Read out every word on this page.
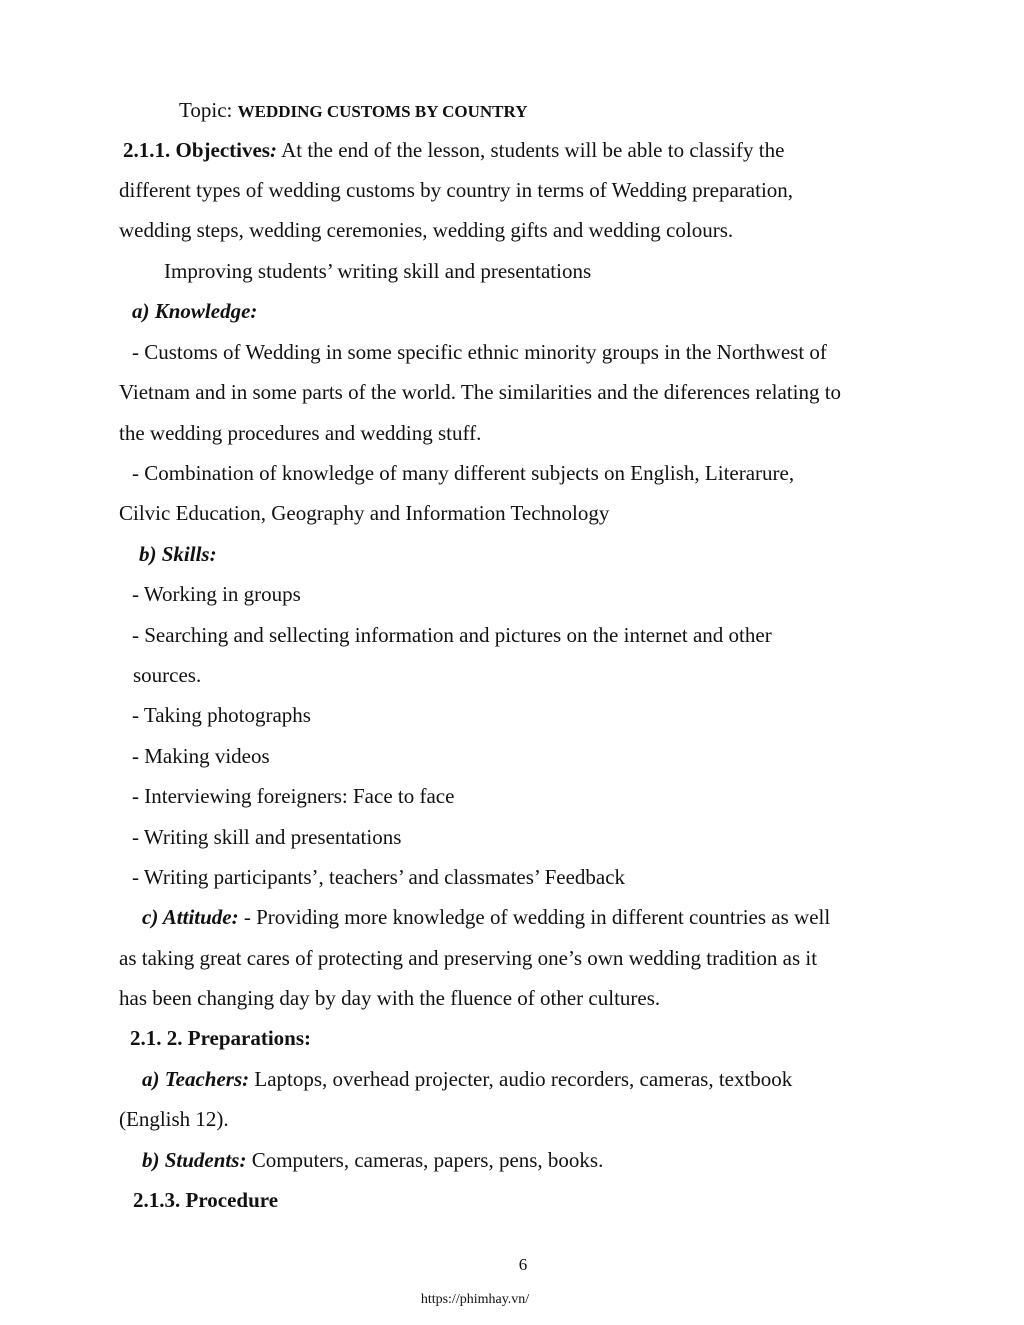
Topic: WEDDING CUSTOMS BY COUNTRY
2.1.1. Objectives: At the end of the lesson, students will be able to classify the
different types of wedding customs by country in terms of Wedding preparation,
wedding steps, wedding ceremonies, wedding gifts and wedding colours.
Improving students’ writing skill and presentations
a) Knowledge:
- Customs of Wedding in some specific ethnic minority groups in the Northwest of
Vietnam and in some parts of the world. The similarities and the diferences relating to
the wedding procedures and wedding stuff.
- Combination of knowledge of many different subjects on English, Literarure,
Cilvic Education, Geography and Information Technology
b) Skills:
- Working in groups
- Searching and sellecting information and pictures on the internet and other
sources.
- Taking photographs
- Making videos
- Interviewing foreigners: Face to face
- Writing skill and presentations
- Writing participants’, teachers’ and classmates’ Feedback
c) Attitude: - Providing more knowledge of wedding in different countries as well
as taking great cares of protecting and preserving one’s own wedding tradition as it
has been changing day by day with the fluence of other cultures.
2.1. 2. Preparations:
a) Teachers: Laptops, overhead projecter, audio recorders, cameras, textbook
(English 12).
b) Students: Computers, cameras, papers, pens, books.
2.1.3. Procedure
6
https://phimhay.vn/
